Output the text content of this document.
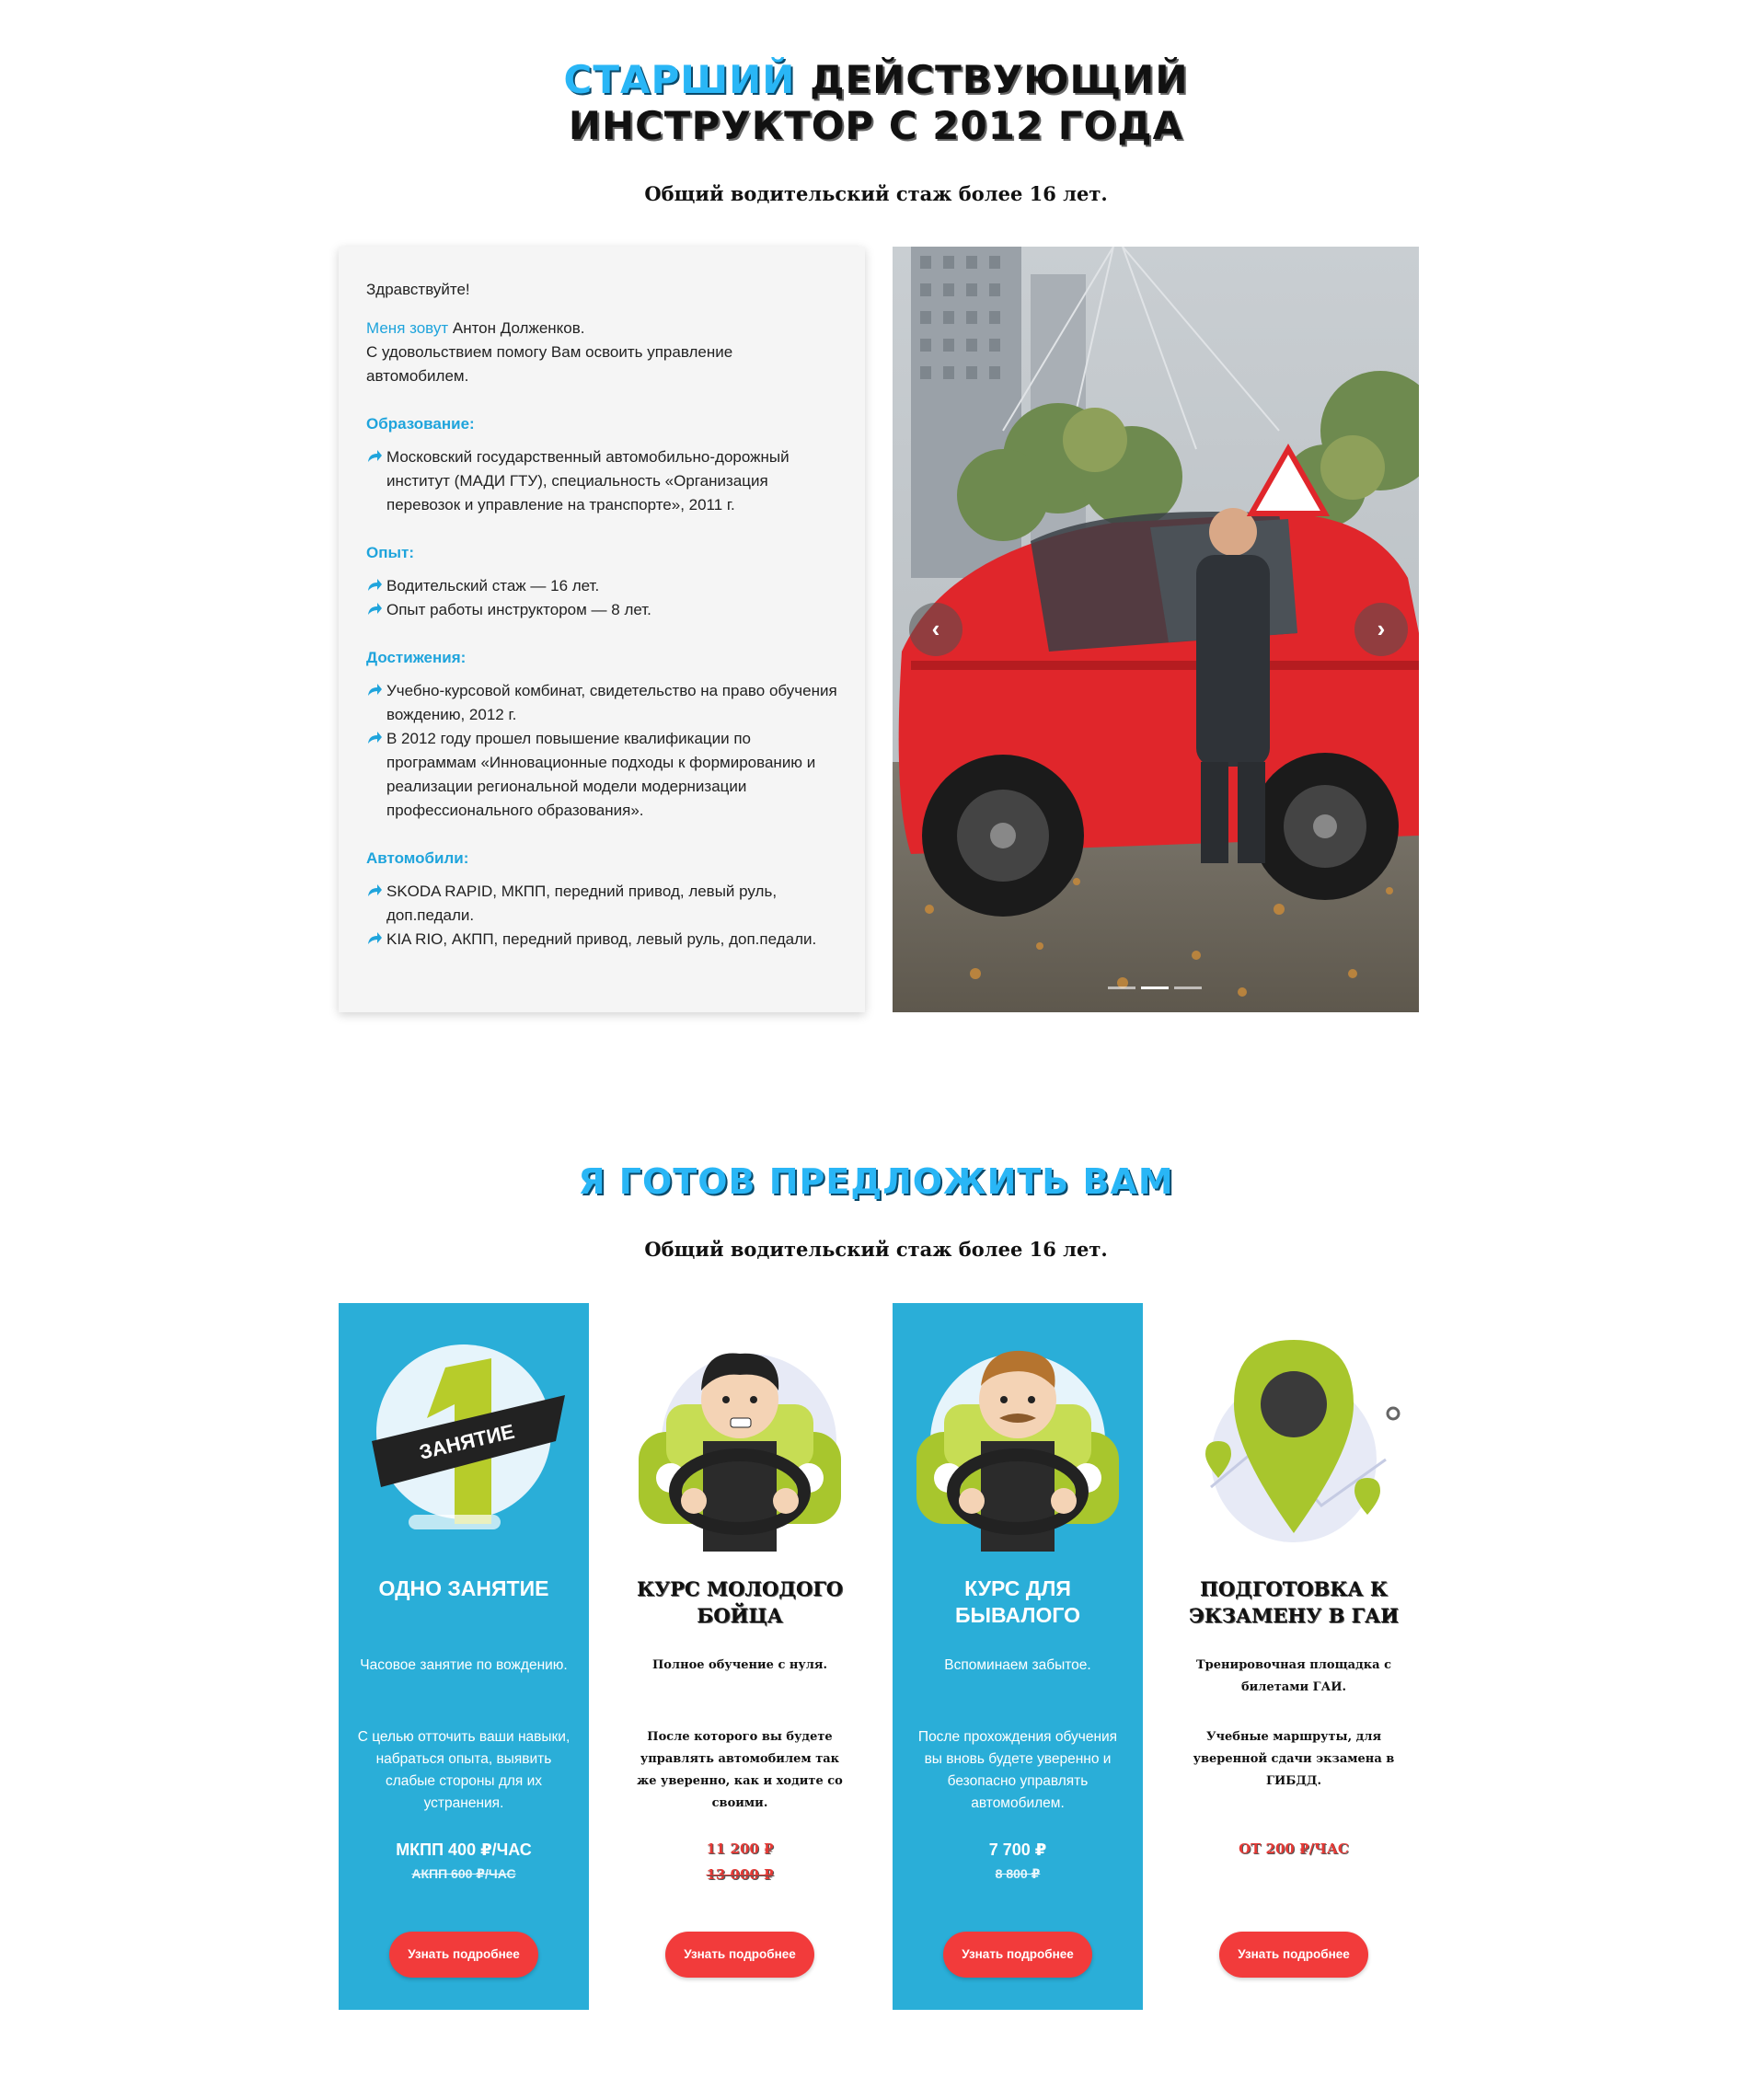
СТАРШИЙ ДЕЙСТВУЮЩИЙ
ИНСТРУКТОР С 2012 ГОДА
Общий водительский стаж более 16 лет.

Здравствуйте!

Меня зовут Антон Долженков.

С удовольствием помогу Вам освоить управление автомобилем.

Образование:

Московский государственный автомобильно-дорожный институт (МАДИ ГТУ), специальность «Организация перевозок и управление на транспорте», 2011 г.

Опыт:

Водительский стаж — 16 лет.

Опыт работы инструктором — 8 лет.

Достижения:

Учебно-курсовой комбинат, свидетельство на право обучения вождению, 2012 г.

В 2012 году прошел повышение квалификации по программам «Инновационные подходы к формированию и реализации региональной модели модернизации профессионального образования».

Автомобили:

SKODA RAPID, МКПП, передний привод, левый руль, доп.педали.

KIA RIO, АКПП, передний привод, левый руль, доп.педали.

‹	›
Я ГОТОВ ПРЕДЛОЖИТЬ ВАМ
Общий водительский стаж более 16 лет.
ЗАНЯТИЕ
ОДНО ЗАНЯТИЕ
Часовое занятие по вождению.
С целью отточить ваши навыки, набраться опыта, выявить слабые стороны для их устранения.
МКПП 400 ₽/ЧАС
АКПП 600 ₽/ЧАС
Узнать подробнее
КУРС МОЛОДОГО БОЙЦА
Полное обучение с нуля.
После которого вы будете управлять автомобилем так же уверенно, как и ходите со своими.
11 200 ₽
13 000 ₽
Узнать подробнее
КУРС ДЛЯ БЫВАЛОГО
Вспоминаем забытое.
После прохождения обучения вы вновь будете уверенно и безопасно управлять автомобилем.
7 700 ₽
8 800 ₽
Узнать подробнее
ПОДГОТОВКА К ЭКЗАМЕНУ В ГАИ
Тренировочная площадка с билетами ГАИ.
Учебные маршруты, для уверенной сдачи экзамена в ГИБДД.
ОТ 200 ₽/ЧАС
Узнать подробнее
